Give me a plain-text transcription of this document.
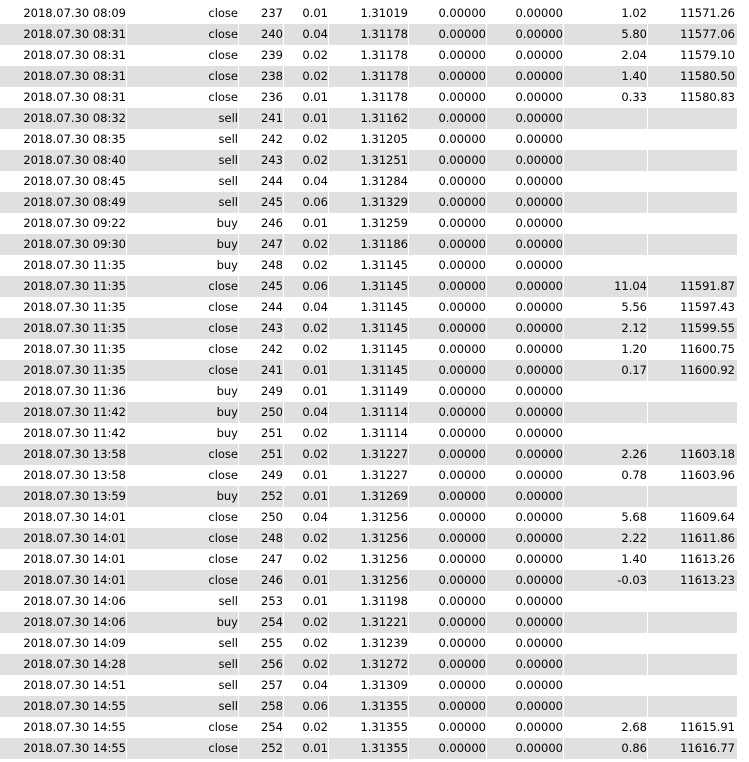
2018.07.30 08:09	close	237	0.01	1.31019	0.00000	0.00000	1.02	11571.26
2018.07.30 08:31	close	240	0.04	1.31178	0.00000	0.00000	5.80	11577.06
2018.07.30 08:31	close	239	0.02	1.31178	0.00000	0.00000	2.04	11579.10
2018.07.30 08:31	close	238	0.02	1.31178	0.00000	0.00000	1.40	11580.50
2018.07.30 08:31	close	236	0.01	1.31178	0.00000	0.00000	0.33	11580.83
2018.07.30 08:32	sell	241	0.01	1.31162	0.00000	0.00000
2018.07.30 08:35	sell	242	0.02	1.31205	0.00000	0.00000
2018.07.30 08:40	sell	243	0.02	1.31251	0.00000	0.00000
2018.07.30 08:45	sell	244	0.04	1.31284	0.00000	0.00000
2018.07.30 08:49	sell	245	0.06	1.31329	0.00000	0.00000
2018.07.30 09:22	buy	246	0.01	1.31259	0.00000	0.00000
2018.07.30 09:30	buy	247	0.02	1.31186	0.00000	0.00000
2018.07.30 11:35	buy	248	0.02	1.31145	0.00000	0.00000
2018.07.30 11:35	close	245	0.06	1.31145	0.00000	0.00000	11.04	11591.87
2018.07.30 11:35	close	244	0.04	1.31145	0.00000	0.00000	5.56	11597.43
2018.07.30 11:35	close	243	0.02	1.31145	0.00000	0.00000	2.12	11599.55
2018.07.30 11:35	close	242	0.02	1.31145	0.00000	0.00000	1.20	11600.75
2018.07.30 11:35	close	241	0.01	1.31145	0.00000	0.00000	0.17	11600.92
2018.07.30 11:36	buy	249	0.01	1.31149	0.00000	0.00000
2018.07.30 11:42	buy	250	0.04	1.31114	0.00000	0.00000
2018.07.30 11:42	buy	251	0.02	1.31114	0.00000	0.00000
2018.07.30 13:58	close	251	0.02	1.31227	0.00000	0.00000	2.26	11603.18
2018.07.30 13:58	close	249	0.01	1.31227	0.00000	0.00000	0.78	11603.96
2018.07.30 13:59	buy	252	0.01	1.31269	0.00000	0.00000
2018.07.30 14:01	close	250	0.04	1.31256	0.00000	0.00000	5.68	11609.64
2018.07.30 14:01	close	248	0.02	1.31256	0.00000	0.00000	2.22	11611.86
2018.07.30 14:01	close	247	0.02	1.31256	0.00000	0.00000	1.40	11613.26
2018.07.30 14:01	close	246	0.01	1.31256	0.00000	0.00000	-0.03	11613.23
2018.07.30 14:06	sell	253	0.01	1.31198	0.00000	0.00000
2018.07.30 14:06	buy	254	0.02	1.31221	0.00000	0.00000
2018.07.30 14:09	sell	255	0.02	1.31239	0.00000	0.00000
2018.07.30 14:28	sell	256	0.02	1.31272	0.00000	0.00000
2018.07.30 14:51	sell	257	0.04	1.31309	0.00000	0.00000
2018.07.30 14:55	sell	258	0.06	1.31355	0.00000	0.00000
2018.07.30 14:55	close	254	0.02	1.31355	0.00000	0.00000	2.68	11615.91
2018.07.30 14:55	close	252	0.01	1.31355	0.00000	0.00000	0.86	11616.77
